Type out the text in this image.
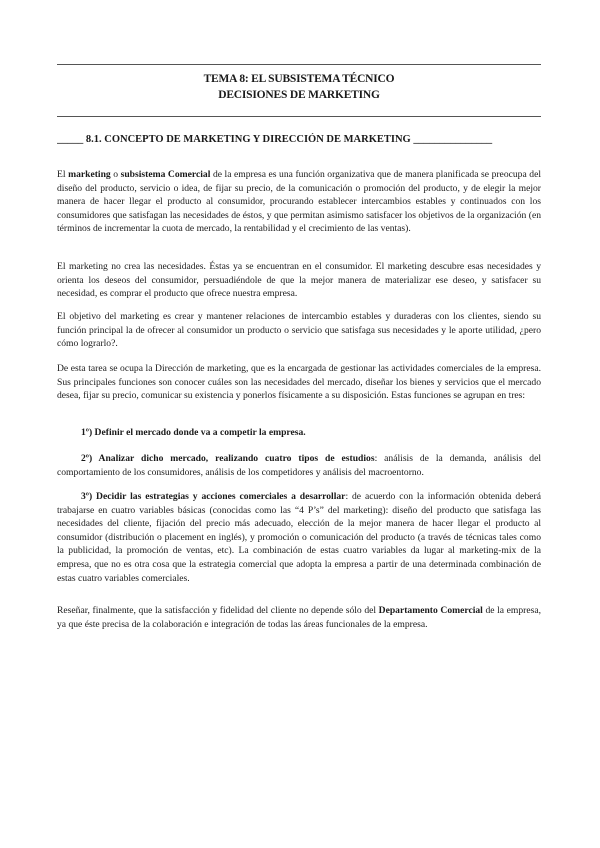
TEMA 8: EL SUBSISTEMA TÉCNICO
DECISIONES DE MARKETING
_____ 8.1. CONCEPTO DE MARKETING Y DIRECCIÓN DE MARKETING _______________

El marketing o subsistema Comercial de la empresa es una función organizativa que de manera planificada se preocupa del diseño del producto, servicio o idea, de fijar su precio, de la comunicación o promoción del producto, y de elegir la mejor manera de hacer llegar el producto al consumidor, procurando establecer intercambios estables y continuados con los consumidores que satisfagan las necesidades de éstos, y que permitan asimismo satisfacer los objetivos de la organización (en términos de incrementar la cuota de mercado, la rentabilidad y el crecimiento de las ventas).

El marketing no crea las necesidades. Éstas ya se encuentran en el consumidor. El marketing descubre esas necesidades y orienta los deseos del consumidor, persuadiéndole de que la mejor manera de materializar ese deseo, y satisfacer su necesidad, es comprar el producto que ofrece nuestra empresa.

El objetivo del marketing es crear y mantener relaciones de intercambio estables y duraderas con los clientes, siendo su función principal la de ofrecer al consumidor un producto o servicio que satisfaga sus necesidades y le aporte utilidad, ¿pero cómo lograrlo?.

De esta tarea se ocupa la Dirección de marketing, que es la encargada de gestionar las actividades comerciales de la empresa. Sus principales funciones son conocer cuáles son las necesidades del mercado, diseñar los bienes y servicios que el mercado desea, fijar su precio, comunicar su existencia y ponerlos físicamente a su disposición. Estas funciones se agrupan en tres:

1º) Definir el mercado donde va a competir la empresa.

2º) Analizar dicho mercado, realizando cuatro tipos de estudios: análisis de la demanda, análisis del comportamiento de los consumidores, análisis de los competidores y análisis del macroentorno.

3º) Decidir las estrategias y acciones comerciales a desarrollar: de acuerdo con la información obtenida deberá trabajarse en cuatro variables básicas (conocidas como las “4 P’s” del marketing): diseño del producto que satisfaga las necesidades del cliente, fijación del precio más adecuado, elección de la mejor manera de hacer llegar el producto al consumidor (distribución o placement en inglés), y promoción o comunicación del producto (a través de técnicas tales como la publicidad, la promoción de ventas, etc). La combinación de estas cuatro variables da lugar al marketing-mix de la empresa, que no es otra cosa que la estrategia comercial que adopta la empresa a partir de una determinada combinación de estas cuatro variables comerciales.

Reseñar, finalmente, que la satisfacción y fidelidad del cliente no depende sólo del Departamento Comercial de la empresa, ya que éste precisa de la colaboración e integración de todas las áreas funcionales de la empresa.
